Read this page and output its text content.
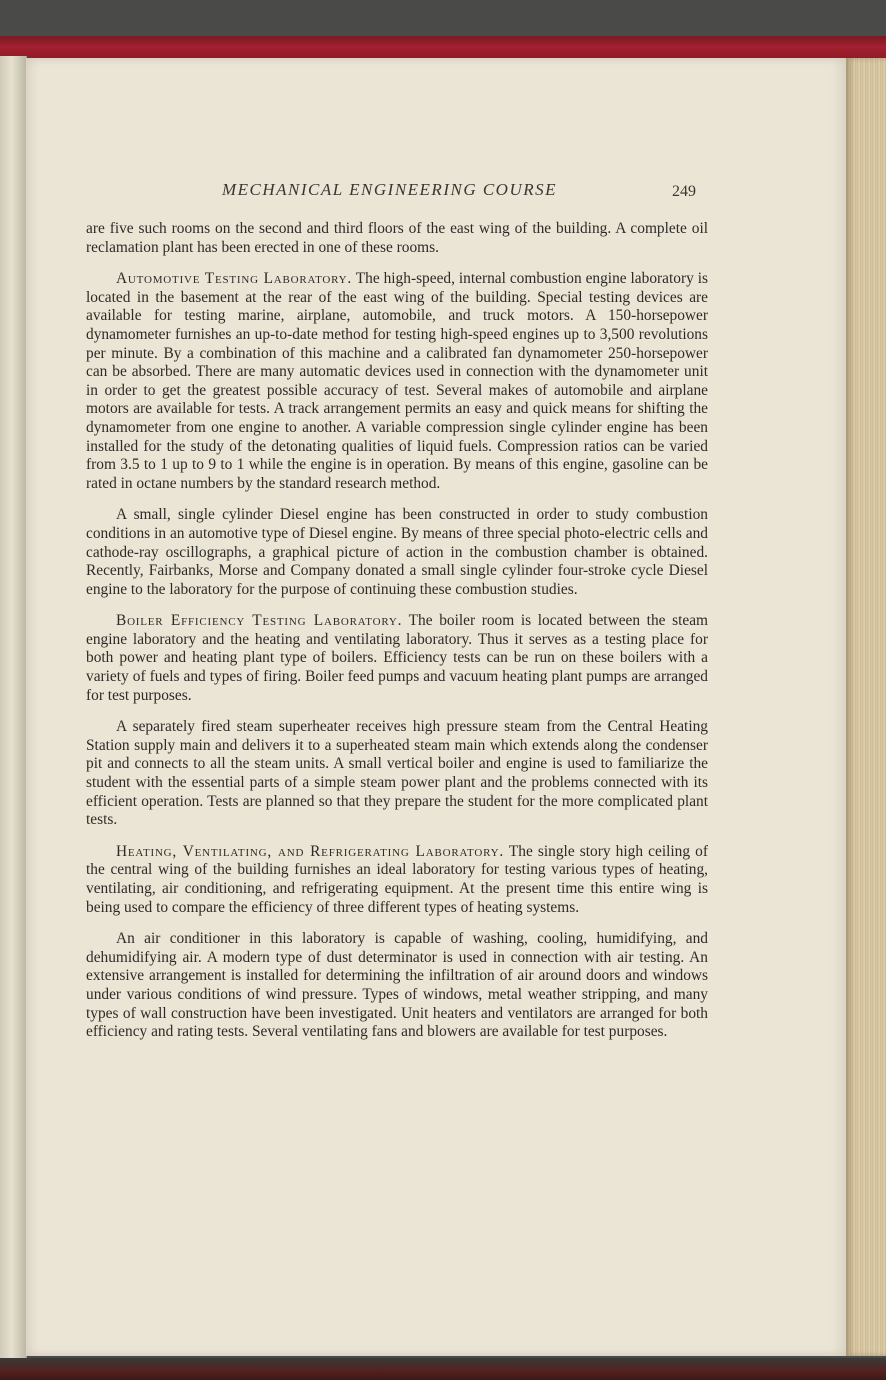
MECHANICAL ENGINEERING COURSE	249

are five such rooms on the second and third floors of the east wing of the building. A complete oil reclamation plant has been erected in one of these rooms.

Automotive Testing Laboratory. The high-speed, internal combustion engine laboratory is located in the basement at the rear of the east wing of the building. Special testing devices are available for testing marine, airplane, automobile, and truck motors. A 150-horsepower dynamometer furnishes an up-to-date method for testing high-speed engines up to 3,500 revolutions per minute. By a combination of this machine and a calibrated fan dynamometer 250-horsepower can be absorbed. There are many automatic devices used in connection with the dynamometer unit in order to get the greatest possible accuracy of test. Several makes of automobile and airplane motors are available for tests. A track arrangement permits an easy and quick means for shifting the dynamometer from one engine to another. A variable compression single cylinder engine has been installed for the study of the detonating qualities of liquid fuels. Compression ratios can be varied from 3.5 to 1 up to 9 to 1 while the engine is in operation. By means of this engine, gasoline can be rated in octane numbers by the standard research method.

A small, single cylinder Diesel engine has been constructed in order to study combustion conditions in an automotive type of Diesel engine. By means of three special photo-electric cells and cathode-ray oscillographs, a graphical picture of action in the combustion chamber is obtained. Recently, Fairbanks, Morse and Company donated a small single cylinder four-stroke cycle Diesel engine to the laboratory for the purpose of continuing these combustion studies.

Boiler Efficiency Testing Laboratory. The boiler room is located between the steam engine laboratory and the heating and ventilating laboratory. Thus it serves as a testing place for both power and heating plant type of boilers. Efficiency tests can be run on these boilers with a variety of fuels and types of firing. Boiler feed pumps and vacuum heating plant pumps are arranged for test purposes.

A separately fired steam superheater receives high pressure steam from the Central Heating Station supply main and delivers it to a superheated steam main which extends along the condenser pit and connects to all the steam units. A small vertical boiler and engine is used to familiarize the student with the essential parts of a simple steam power plant and the problems connected with its efficient operation. Tests are planned so that they prepare the student for the more complicated plant tests.

Heating, Ventilating, and Refrigerating Laboratory. The single story high ceiling of the central wing of the building furnishes an ideal laboratory for testing various types of heating, ventilating, air conditioning, and refrigerating equipment. At the present time this entire wing is being used to compare the efficiency of three different types of heating systems.

An air conditioner in this laboratory is capable of washing, cooling, humidifying, and dehumidifying air. A modern type of dust determinator is used in connection with air testing. An extensive arrangement is installed for determining the infiltration of air around doors and windows under various conditions of wind pressure. Types of windows, metal weather stripping, and many types of wall construction have been investigated. Unit heaters and ventilators are arranged for both efficiency and rating tests. Several ventilating fans and blowers are available for test purposes.
